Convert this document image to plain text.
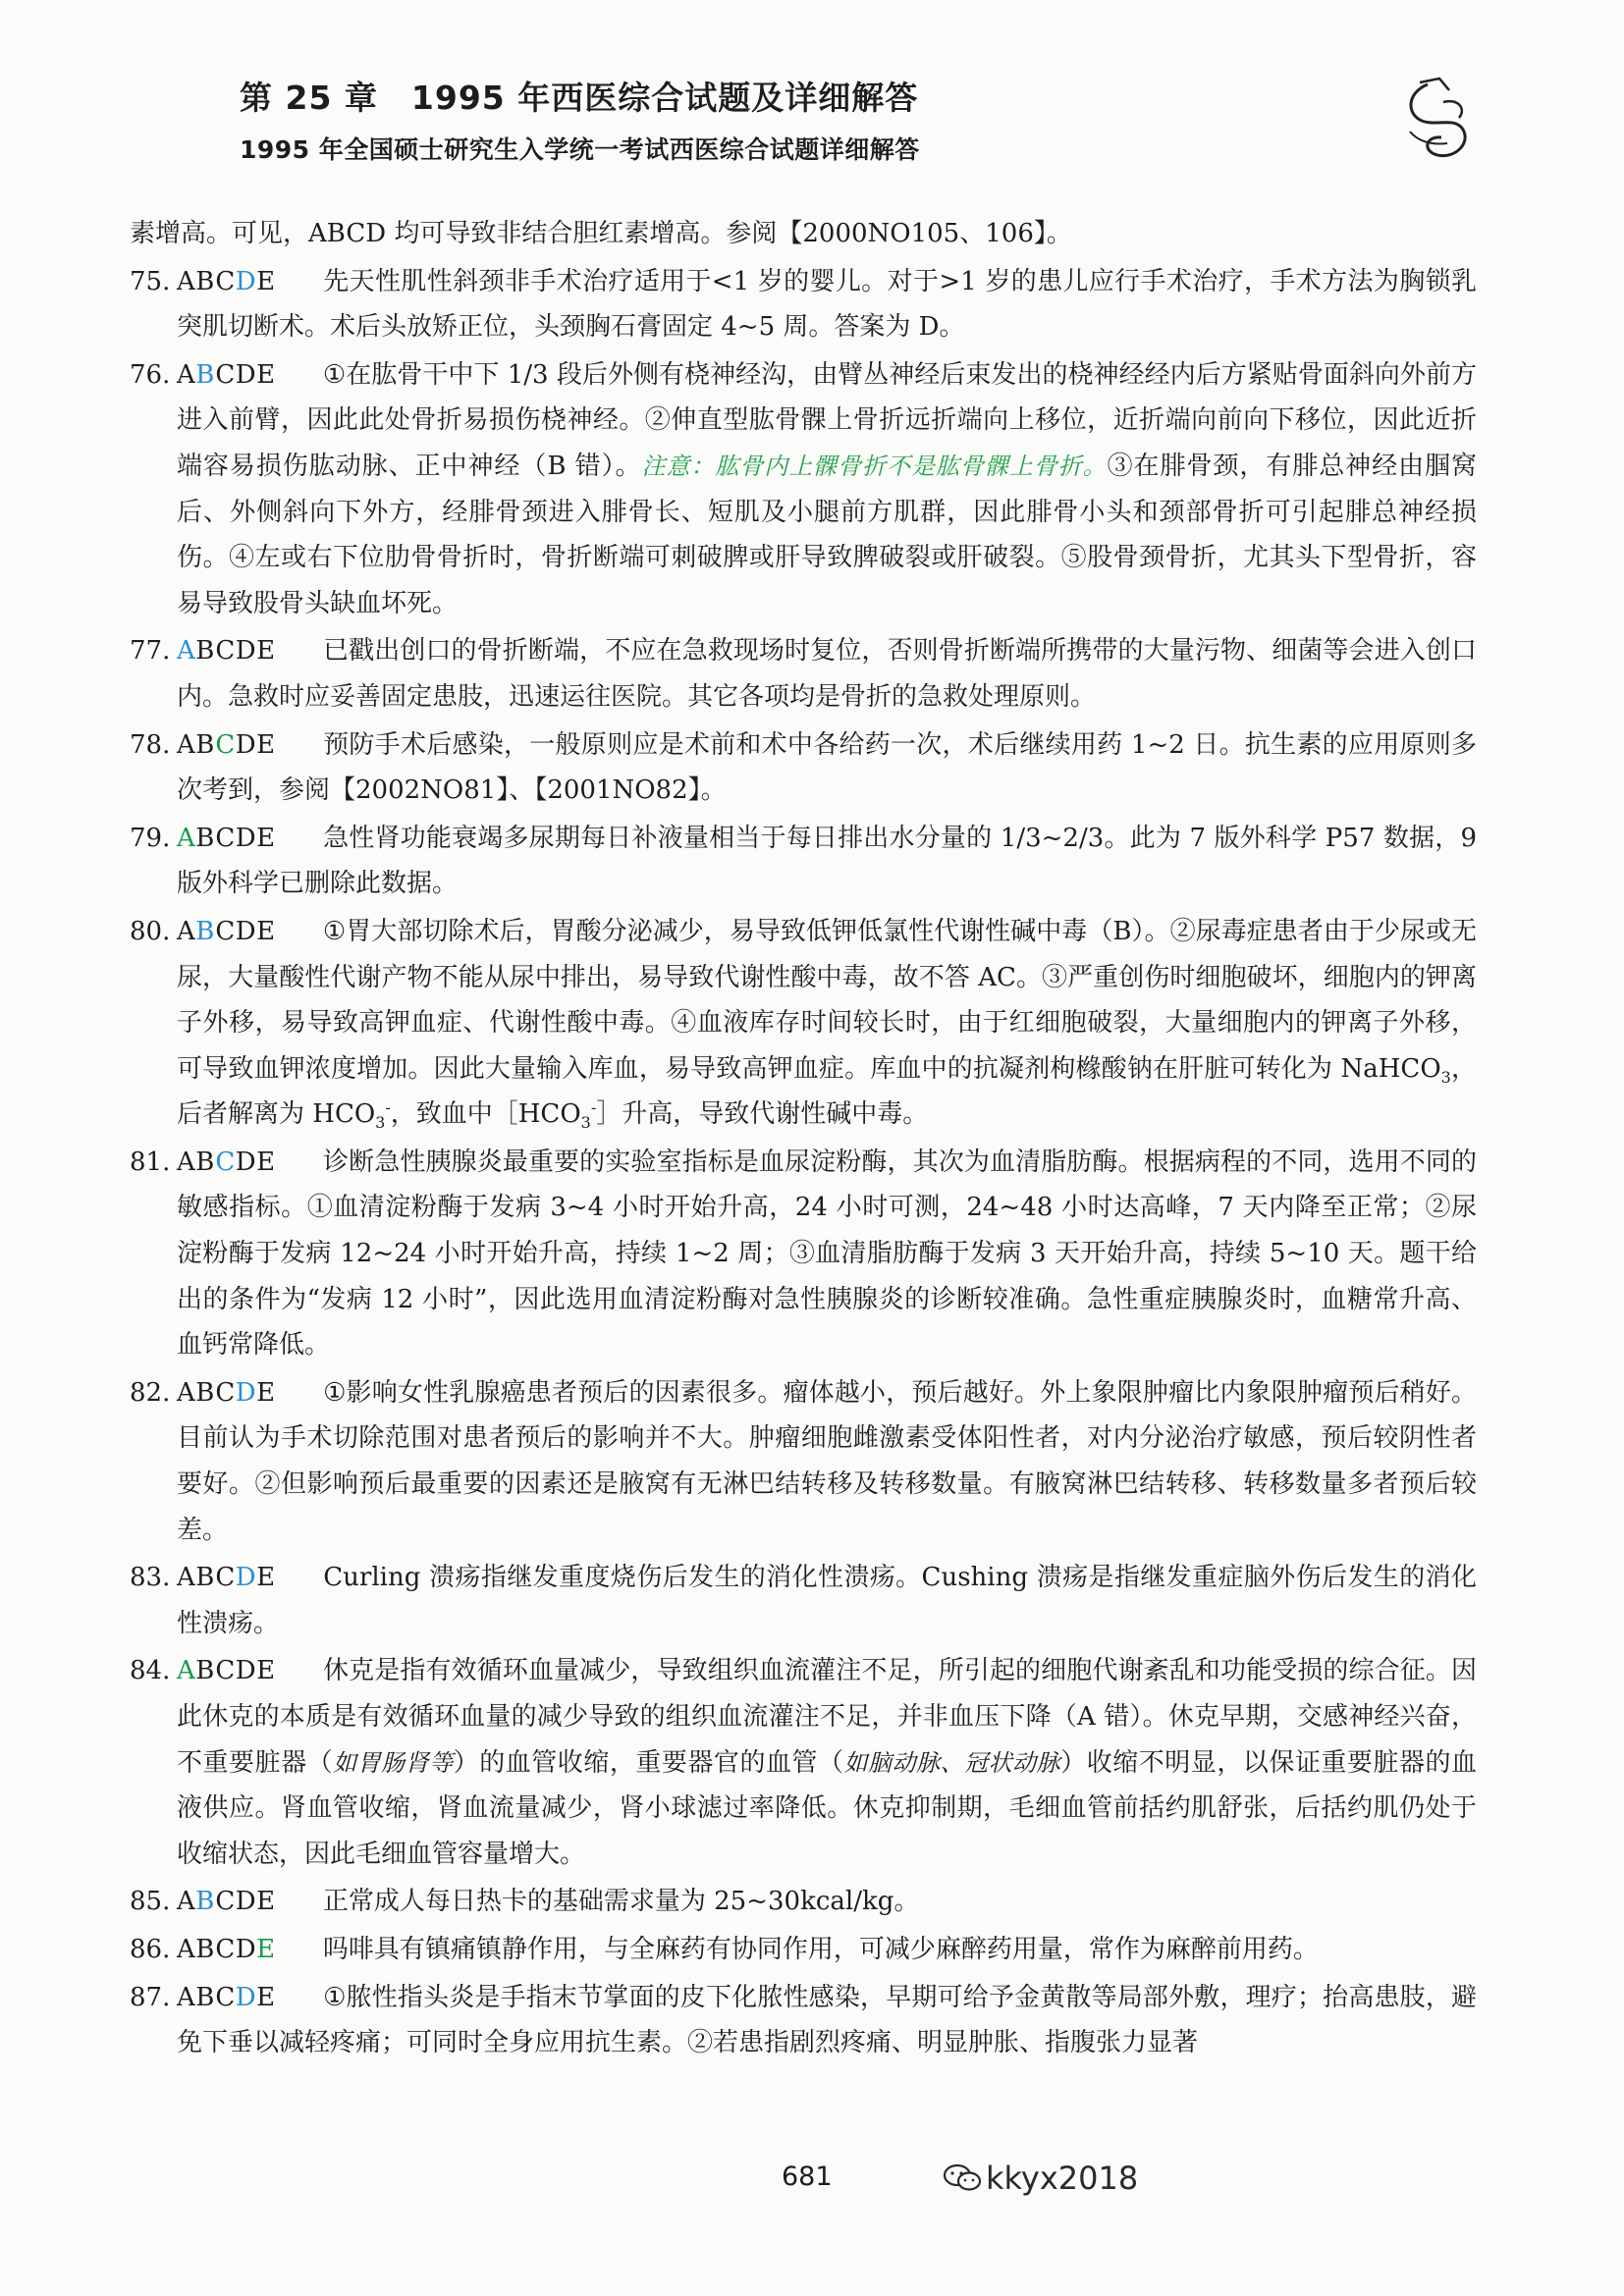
第 25 章　1995 年西医综合试题及详细解答
1995 年全国硕士研究生入学统一考试西医综合试题详细解答
素增高。可见，ABCD 均可导致非结合胆红素增高。参阅【2000NO105、106】。
75. ABCDE 先天性肌性斜颈非手术治疗适用于<1 岁的婴儿。对于>1 岁的患儿应行手术治疗，手术方法为胸锁乳突肌切断术。术后头放矫正位，头颈胸石膏固定 4~5 周。答案为 D。
76. ABCDE ①在肱骨干中下 1/3 段后外侧有桡神经沟，由臂丛神经后束发出的桡神经经内后方紧贴骨面斜向外前方进入前臂，因此此处骨折易损伤桡神经。②伸直型肱骨髁上骨折远折端向上移位，近折端向前向下移位，因此近折端容易损伤肱动脉、正中神经（B 错）。注意：肱骨内上髁骨折不是肱骨髁上骨折。③在腓骨颈，有腓总神经由腘窝后、外侧斜向下外方，经腓骨颈进入腓骨长、短肌及小腿前方肌群，因此腓骨小头和颈部骨折可引起腓总神经损伤。④左或右下位肋骨骨折时，骨折断端可刺破脾或肝导致脾破裂或肝破裂。⑤股骨颈骨折，尤其头下型骨折，容易导致股骨头缺血坏死。
77. ABCDE 已戳出创口的骨折断端，不应在急救现场时复位，否则骨折断端所携带的大量污物、细菌等会进入创口内。急救时应妥善固定患肢，迅速运往医院。其它各项均是骨折的急救处理原则。
78. ABCDE 预防手术后感染，一般原则应是术前和术中各给药一次，术后继续用药 1~2 日。抗生素的应用原则多次考到，参阅【2002NO81】、【2001NO82】。
79. ABCDE 急性肾功能衰竭多尿期每日补液量相当于每日排出水分量的 1/3~2/3。此为 7 版外科学 P57 数据，9 版外科学已删除此数据。
80. ABCDE ①胃大部切除术后，胃酸分泌减少，易导致低钾低氯性代谢性碱中毒（B）。②尿毒症患者由于少尿或无尿，大量酸性代谢产物不能从尿中排出，易导致代谢性酸中毒，故不答 AC。③严重创伤时细胞破坏，细胞内的钾离子外移，易导致高钾血症、代谢性酸中毒。④血液库存时间较长时，由于红细胞破裂，大量细胞内的钾离子外移，可导致血钾浓度增加。因此大量输入库血，易导致高钾血症。库血中的抗凝剂枸橼酸钠在肝脏可转化为 NaHCO$_3$，后者解离为 $HCO_3^-$，致血中$[HCO_3^-]$升高，导致代谢性碱中毒。
81. ABCDE 诊断急性胰腺炎最重要的实验室指标是血尿淀粉酶，其次为血清脂肪酶。根据病程的不同，选用不同的敏感指标。①血清淀粉酶于发病 3~4 小时开始升高，24 小时可测，24~48 小时达高峰，7 天内降至正常；②尿淀粉酶于发病 12~24 小时开始升高，持续 1~2 周；③血清脂肪酶于发病 3 天开始升高，持续 5~10 天。题干给出的条件为“发病 12 小时”，因此选用血清淀粉酶对急性胰腺炎的诊断较准确。急性重症胰腺炎时，血糖常升高、血钙常降低。
82. ABCDE ①影响女性乳腺癌患者预后的因素很多。瘤体越小，预后越好。外上象限肿瘤比内象限肿瘤预后稍好。目前认为手术切除范围对患者预后的影响并不大。肿瘤细胞雌激素受体阳性者，对内分泌治疗敏感，预后较阴性者要好。②但影响预后最重要的因素还是腋窝有无淋巴结转移及转移数量。有腋窝淋巴结转移、转移数量多者预后较差。
83. ABCDE Curling 溃疡指继发重度烧伤后发生的消化性溃疡。Cushing 溃疡是指继发重症脑外伤后发生的消化性溃疡。
84. ABCDE 休克是指有效循环血量减少，导致组织血流灌注不足，所引起的细胞代谢紊乱和功能受损的综合征。因此休克的本质是有效循环血量的减少导致的组织血流灌注不足，并非血压下降（A 错）。休克早期，交感神经兴奋，不重要脏器（如胃肠肾等）的血管收缩，重要器官的血管（如脑动脉、冠状动脉）收缩不明显，以保证重要脏器的血液供应。肾血管收缩，肾血流量减少，肾小球滤过率降低。休克抑制期，毛细血管前括约肌舒张，后括约肌仍处于收缩状态，因此毛细血管容量增大。
85. ABCDE 正常成人每日热卡的基础需求量为 25~30kcal/kg。
86. ABCDE 吗啡具有镇痛镇静作用，与全麻药有协同作用，可减少麻醉药用量，常作为麻醉前用药。
87. ABCDE ①脓性指头炎是手指末节掌面的皮下化脓性感染，早期可给予金黄散等局部外敷，理疗；抬高患肢，避免下垂以减轻疼痛；可同时全身应用抗生素。②若患指剧烈疼痛、明显肿胀、指腹张力显著
681	kkyx2018
